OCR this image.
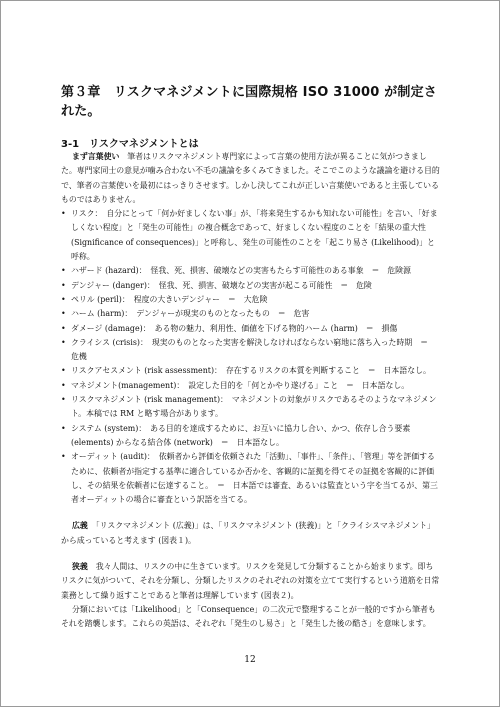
第３章　リスクマネジメントに国際規格 ISO 31000 が制定された。
3-1　リスクマネジメントとは

まず言葉使い　筆者はリスクマネジメント専門家によって言葉の使用方法が異ることに気がつきました。専門家同士の意見が噛み合わない不毛の議論を多くみてきました。そこでこのような議論を避ける目的で、筆者の言葉使いを最初にはっきりさせます。しかし決してこれが正しい言葉使いであると主張しているものではありません。

• リスク：　自分にとって「何か好ましくない事」が、「将来発生するかも知れない可能性」を言い、「好ましくない程度」と「発生の可能性」の複合概念であって、好ましくない程度のことを「結果の重大性 (Significance of consequences)」と呼称し、発生の可能性のことを「起こり易さ (Likelihood)」と呼称。
• ハザード (hazard)：　怪我、死、損害、破壊などの実害もたらす可能性のある事象　＝　危険源
• デンジャー (danger)：　怪我、死、損害、破壊などの実害が起こる可能性　＝　危険
• ペリル (peril)：　程度の大きいデンジャー　＝　大危険
• ハーム (harm)：　デンジャーが現実のものとなったもの　＝　危害
• ダメージ (damage)：　ある物の魅力、利用性、価値を下げる物的ハーム (harm)　＝　損傷
• クライシス (crisis)：　現実のものとなった実害を解決しなければならない窮地に落ち入った時期　＝　危機
• リスクアセスメント (risk assessment)：　存在するリスクの本質を判断すること　＝　日本語なし。
• マネジメント(management)：　設定した目的を「何とかやり遂げる」こと　＝　日本語なし。
• リスクマネジメント (risk management)：　マネジメントの対象がリスクであるそのようなマネジメント。本稿では RM と略す場合があります。
• システム (system)：　ある目的を達成するために、お互いに協力し合い、かつ、依存し合う要素 (elements) からなる結合体 (network)　＝　日本語なし。
• オーディット (audit)：　依頼者から評価を依頼された「活動」、「事件」、「条件」、「管理」等を評価するために、依頼者が指定する基準に適合しているか否かを、客観的に証拠を得てその証拠を客観的に評価し、その結果を依頼者に伝達すること。　＝　日本語では審査、あるいは監査という字を当てるが、第三者オーディットの場合に審査という訳語を当てる。

広義　「リスクマネジメント (広義)」は、「リスクマネジメント (狭義)」と「クライシスマネジメント」から成っていると考えます (図表１)。

狭義　我々人間は、リスクの中に生きています。リスクを発見して分類することから始まります。即ちリスクに気がついて、それを分類し、分類したリスクのそれぞれの対策を立てて実行するという道筋を日常業務として繰り返すことであると筆者は理解しています (図表２)。

分類においては「Likelihood」と「Consequence」の二次元で整理することが一般的ですから筆者もそれを踏襲します。これらの英語は、それぞれ「発生のし易さ」と「発生した後の酷さ」を意味します。

12
